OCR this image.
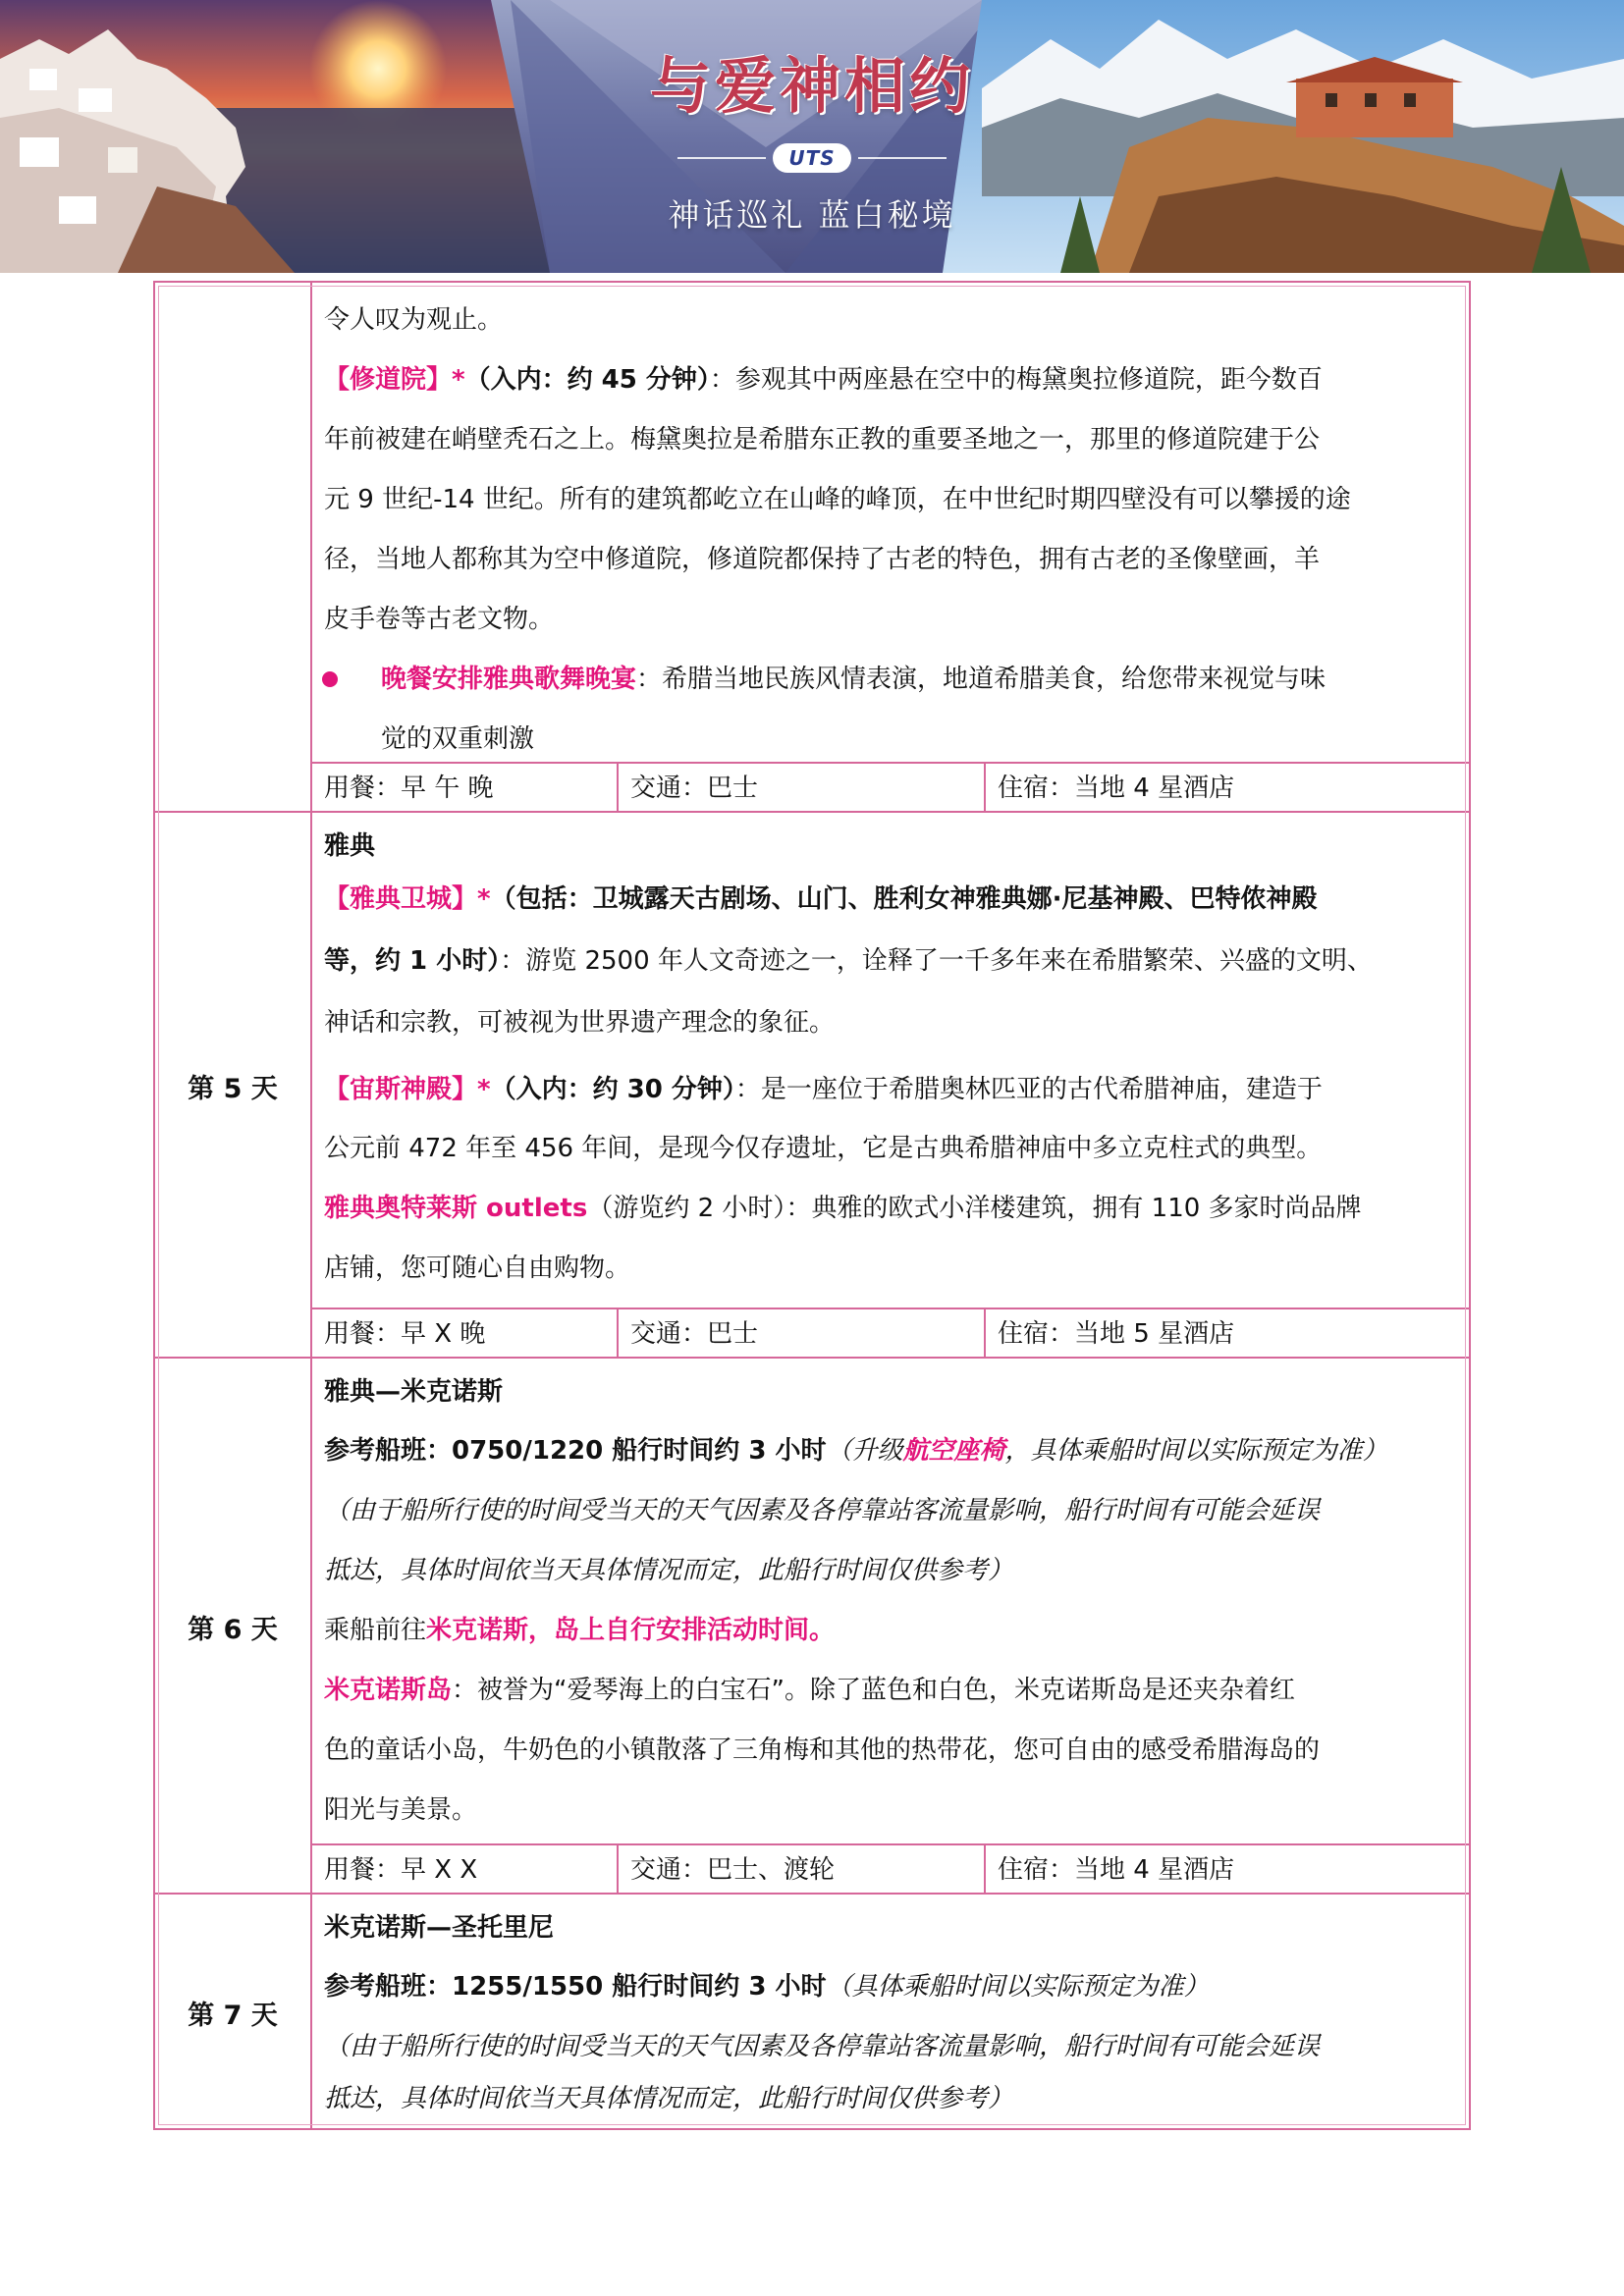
与爱神相约
UTS
神话巡礼 蓝白秘境
令人叹为观止。
【修道院】*（入内：约 45 分钟）：参观其中两座悬在空中的梅黛奥拉修道院，距今数百
年前被建在峭壁秃石之上。梅黛奥拉是希腊东正教的重要圣地之一，那里的修道院建于公
元 9 世纪-14 世纪。所有的建筑都屹立在山峰的峰顶，在中世纪时期四壁没有可以攀援的途
径，当地人都称其为空中修道院，修道院都保持了古老的特色，拥有古老的圣像壁画，羊
皮手卷等古老文物。
晚餐安排雅典歌舞晚宴：希腊当地民族风情表演，地道希腊美食，给您带来视觉与味
觉的双重刺激
用餐：早 午 晚	交通：巴士	住宿：当地 4 星酒店
第 5 天
雅典
【雅典卫城】*（包括：卫城露天古剧场、山门、胜利女神雅典娜·尼基神殿、巴特侬神殿
等，约 1 小时）：游览 2500 年人文奇迹之一，诠释了一千多年来在希腊繁荣、兴盛的文明、
神话和宗教，可被视为世界遗产理念的象征。
【宙斯神殿】*（入内：约 30 分钟）：是一座位于希腊奥林匹亚的古代希腊神庙，建造于
公元前 472 年至 456 年间，是现今仅存遗址，它是古典希腊神庙中多立克柱式的典型。
雅典奥特莱斯 outlets（游览约 2 小时）：典雅的欧式小洋楼建筑，拥有 110 多家时尚品牌
店铺，您可随心自由购物。
用餐：早 X 晚	交通：巴士	住宿：当地 5 星酒店
第 6 天
雅典—米克诺斯
参考船班：0750/1220 船行时间约 3 小时（升级航空座椅，具体乘船时间以实际预定为准）
（由于船所行使的时间受当天的天气因素及各停靠站客流量影响，船行时间有可能会延误
抵达，具体时间依当天具体情况而定，此船行时间仅供参考）
乘船前往米克诺斯，岛上自行安排活动时间。
米克诺斯岛：被誉为“爱琴海上的白宝石”。除了蓝色和白色，米克诺斯岛是还夹杂着红
色的童话小岛，牛奶色的小镇散落了三角梅和其他的热带花，您可自由的感受希腊海岛的
阳光与美景。
用餐：早 X X	交通：巴士、渡轮	住宿：当地 4 星酒店
第 7 天
米克诺斯—圣托里尼
参考船班：1255/1550 船行时间约 3 小时（具体乘船时间以实际预定为准）
（由于船所行使的时间受当天的天气因素及各停靠站客流量影响，船行时间有可能会延误
抵达，具体时间依当天具体情况而定，此船行时间仅供参考）
